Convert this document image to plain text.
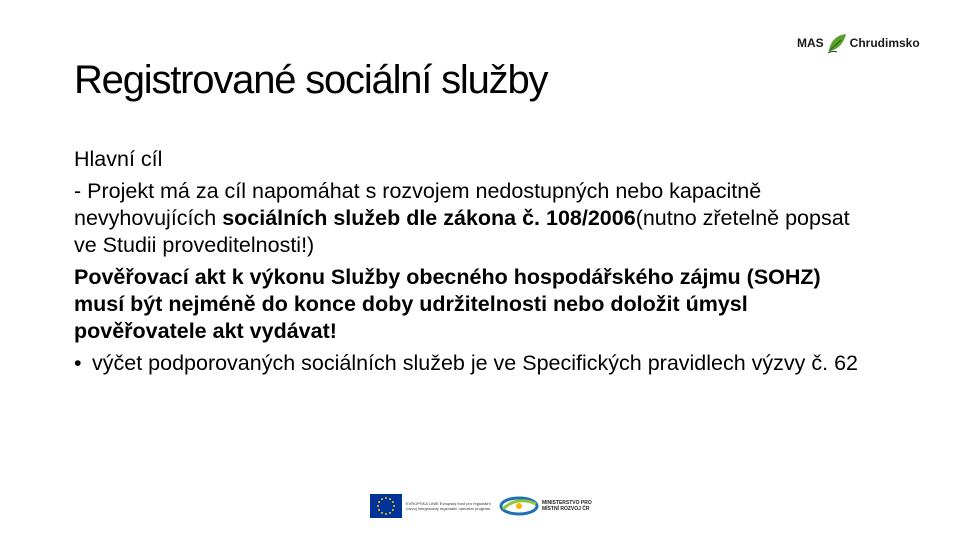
MAS Chrudimsko
Registrované sociální služby

Hlavní cíl

- Projekt má za cíl napomáhat s rozvojem nedostupných nebo kapacitně nevyhovujících sociálních služeb dle zákona č. 108/2006(nutno zřetelně popsat ve Studii proveditelnosti!)

Pověřovací akt k výkonu Služby obecného hospodářského zájmu (SOHZ) musí být nejméně do konce doby udržitelnosti nebo doložit úmysl pověřovatele akt vydávat!

• výčet podporovaných sociálních služeb je ve Specifických pravidlech výzvy č. 62
EVROPSKÁ UNIE Evropský fond pro regionální rozvoj Integrovaný regionální operační program
MINISTERSTVO PRO MÍSTNÍ ROZVOJ ČR
